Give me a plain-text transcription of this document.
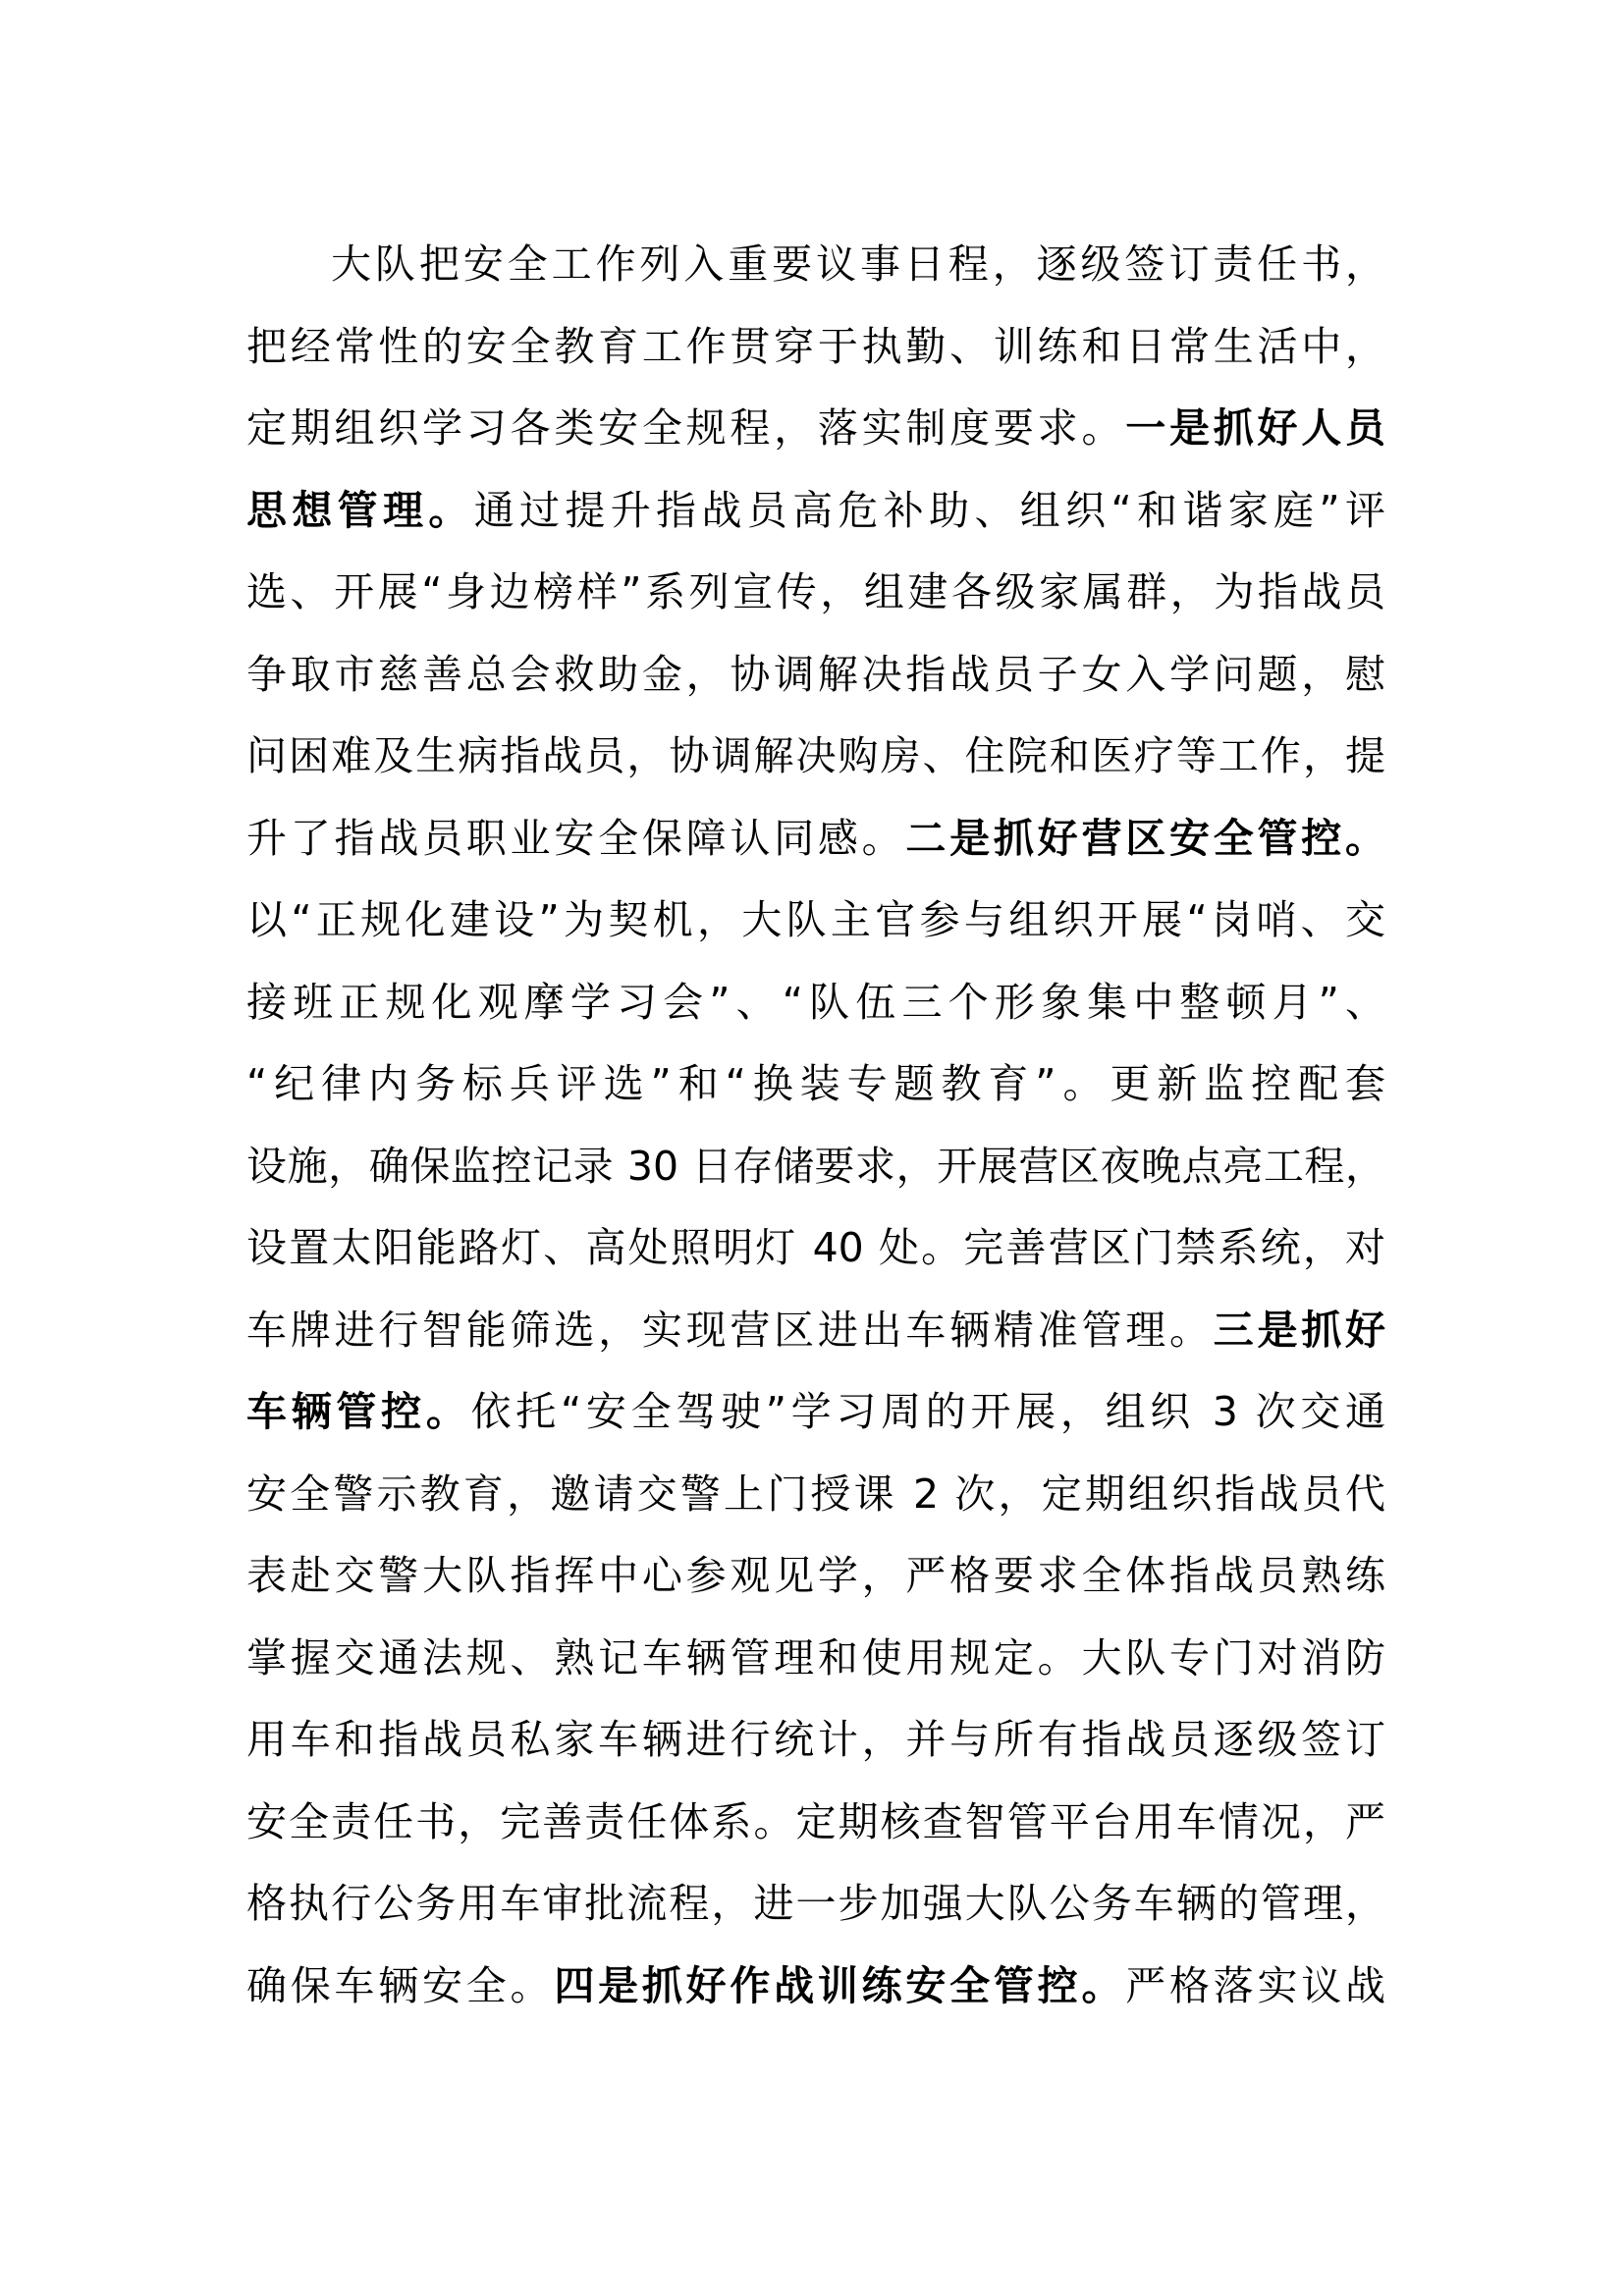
大队把安全工作列入重要议事日程，逐级签订责任书，
把经常性的安全教育工作贯穿于执勤、训练和日常生活中，
定期组织学习各类安全规程，落实制度要求。一是抓好人员
思想管理。通过提升指战员高危补助、组织“和谐家庭”评
选、开展“身边榜样”系列宣传，组建各级家属群，为指战员
争取市慈善总会救助金，协调解决指战员子女入学问题，慰
问困难及生病指战员，协调解决购房、住院和医疗等工作，提
升了指战员职业安全保障认同感。二是抓好营区安全管控。
以“正规化建设”为契机，大队主官参与组织开展“岗哨、交
接班正规化观摩学习会”、“队伍三个形象集中整顿月”、
“纪律内务标兵评选”和“换装专题教育”。更新监控配套
设施，确保监控记录 30 日存储要求，开展营区夜晚点亮工程，
设置太阳能路灯、高处照明灯 40 处。完善营区门禁系统，对
车牌进行智能筛选，实现营区进出车辆精准管理。三是抓好
车辆管控。依托“安全驾驶”学习周的开展，组织 3 次交通
安全警示教育，邀请交警上门授课 2 次，定期组织指战员代
表赴交警大队指挥中心参观见学，严格要求全体指战员熟练
掌握交通法规、熟记车辆管理和使用规定。大队专门对消防
用车和指战员私家车辆进行统计，并与所有指战员逐级签订
安全责任书，完善责任体系。定期核查智管平台用车情况，严
格执行公务用车审批流程，进一步加强大队公务车辆的管理，
确保车辆安全。四是抓好作战训练安全管控。严格落实议战
